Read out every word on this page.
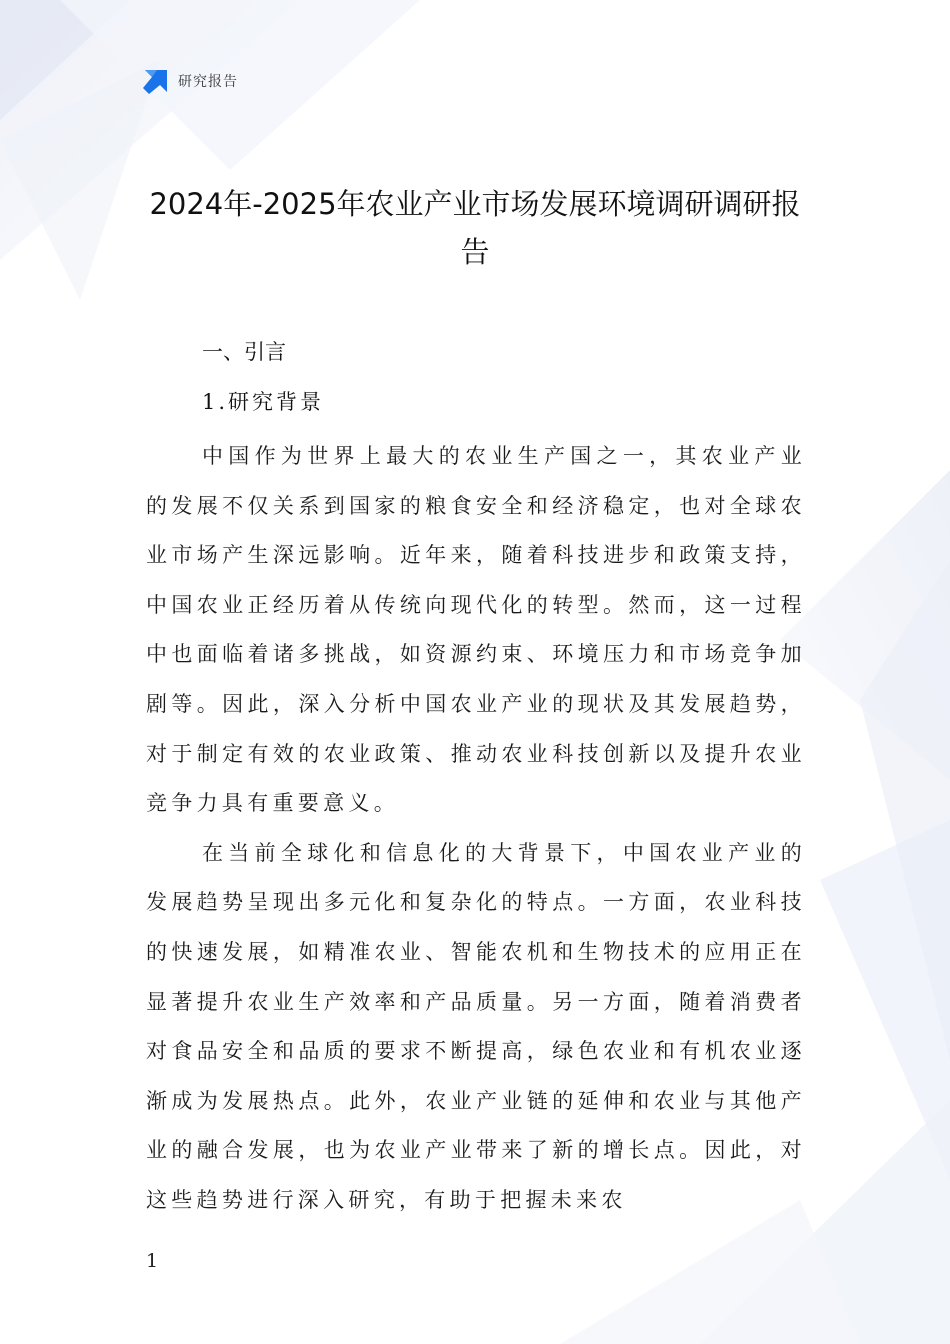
研究报告
2024年-2025年农业产业市场发展环境调研调研报告
一、引言
1.研究背景

中国作为世界上最大的农业生产国之一，其农业产业的发展不仅关系到国家的粮食安全和经济稳定，也对全球农业市场产生深远影响。近年来，随着科技进步和政策支持，中国农业正经历着从传统向现代化的转型。然而，这一过程中也面临着诸多挑战，如资源约束、环境压力和市场竞争加剧等。因此，深入分析中国农业产业的现状及其发展趋势，对于制定有效的农业政策、推动农业科技创新以及提升农业竞争力具有重要意义。

在当前全球化和信息化的大背景下，中国农业产业的发展趋势呈现出多元化和复杂化的特点。一方面，农业科技的快速发展，如精准农业、智能农机和生物技术的应用正在显著提升农业生产效率和产品质量。另一方面，随着消费者对食品安全和品质的要求不断提高，绿色农业和有机农业逐渐成为发展热点。此外，农业产业链的延伸和农业与其他产业的融合发展，也为农业产业带来了新的增长点。因此，对这些趋势进行深入研究，有助于把握未来农

1
